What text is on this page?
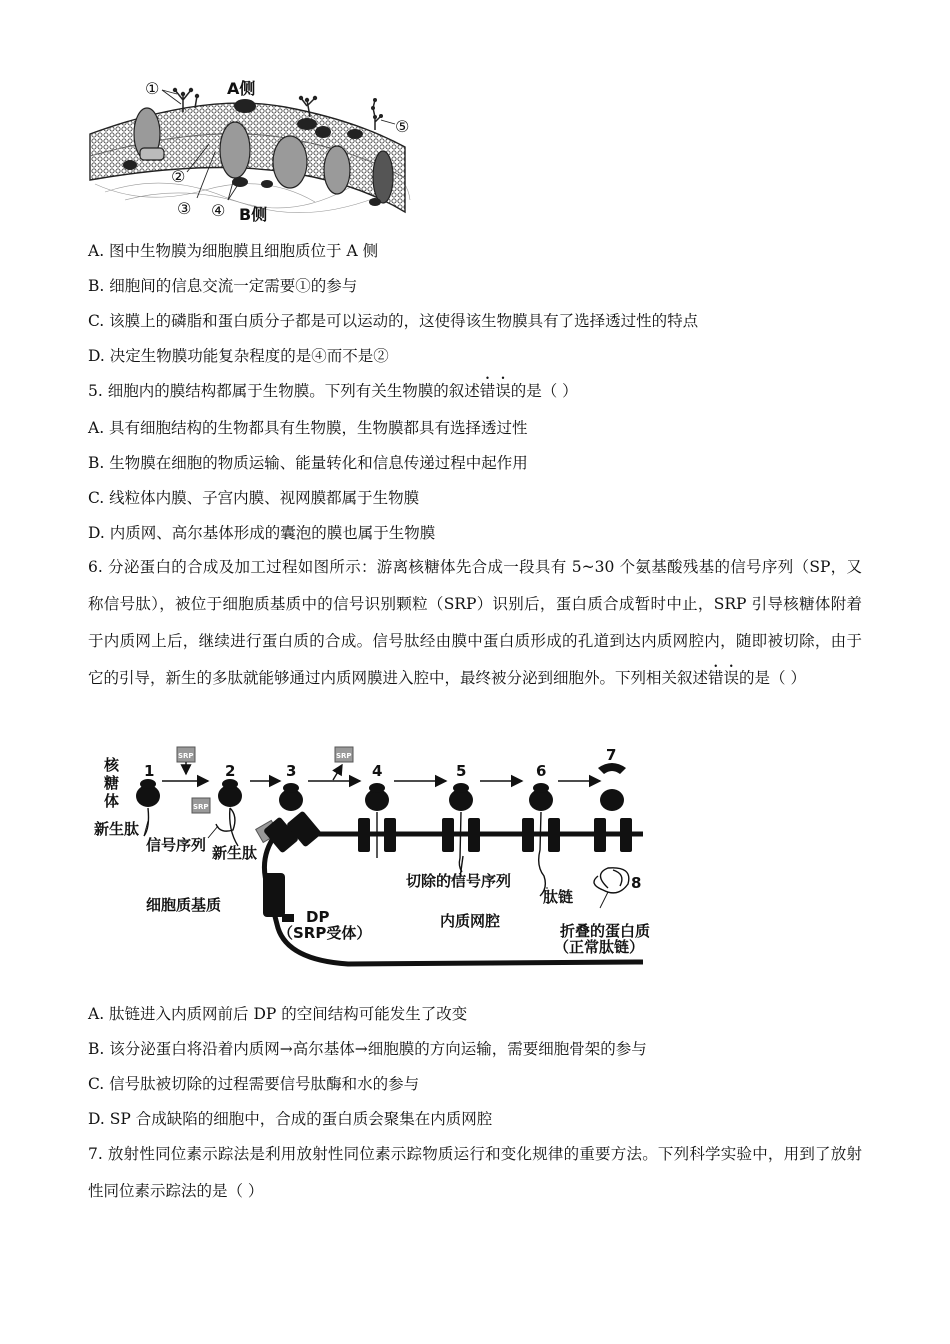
①	A侧
⑤
②
③ ④ B侧
A. 图中生物膜为细胞膜且细胞质位于 A 侧
B. 细胞间的信息交流一定需要①的参与
C. 该膜上的磷脂和蛋白质分子都是可以运动的，这使得该生物膜具有了选择透过性的特点
D. 决定生物膜功能复杂程度的是④而不是②
5. 细胞内的膜结构都属于生物膜。下列有关生物膜的叙述错误的是（ ）
A. 具有细胞结构的生物都具有生物膜，生物膜都具有选择透过性
B. 生物膜在细胞的物质运输、能量转化和信息传递过程中起作用
C. 线粒体内膜、子宫内膜、视网膜都属于生物膜
D. 内质网、高尔基体形成的囊泡的膜也属于生物膜
6. 分泌蛋白的合成及加工过程如图所示：游离核糖体先合成一段具有 5~30 个氨基酸残基的信号序列（SP，又称信号肽），被位于细胞质基质中的信号识别颗粒（SRP）识别后，蛋白质合成暂时中止，SRP 引导核糖体附着于内质网上后，继续进行蛋白质的合成。信号肽经由膜中蛋白质形成的孔道到达内质网腔内，随即被切除，由于它的引导，新生的多肽就能够通过内质网膜进入腔中，最终被分泌到细胞外。下列相关叙述错误的是（ ）
SRP	SRP
SRP
核
糖
体
1	2	3	4	5	6
7
8
新生肽
信号序列 新生肽
切除的信号序列
肽链
细胞质基质
DP
（SRP受体）
内质网腔
折叠的蛋白质
（正常肽链）
A. 肽链进入内质网前后 DP 的空间结构可能发生了改变
B. 该分泌蛋白将沿着内质网→高尔基体→细胞膜的方向运输，需要细胞骨架的参与
C. 信号肽被切除的过程需要信号肽酶和水的参与
D. SP 合成缺陷的细胞中，合成的蛋白质会聚集在内质网腔
7. 放射性同位素示踪法是利用放射性同位素示踪物质运行和变化规律的重要方法。下列科学实验中，用到了放射性同位素示踪法的是（ ）
